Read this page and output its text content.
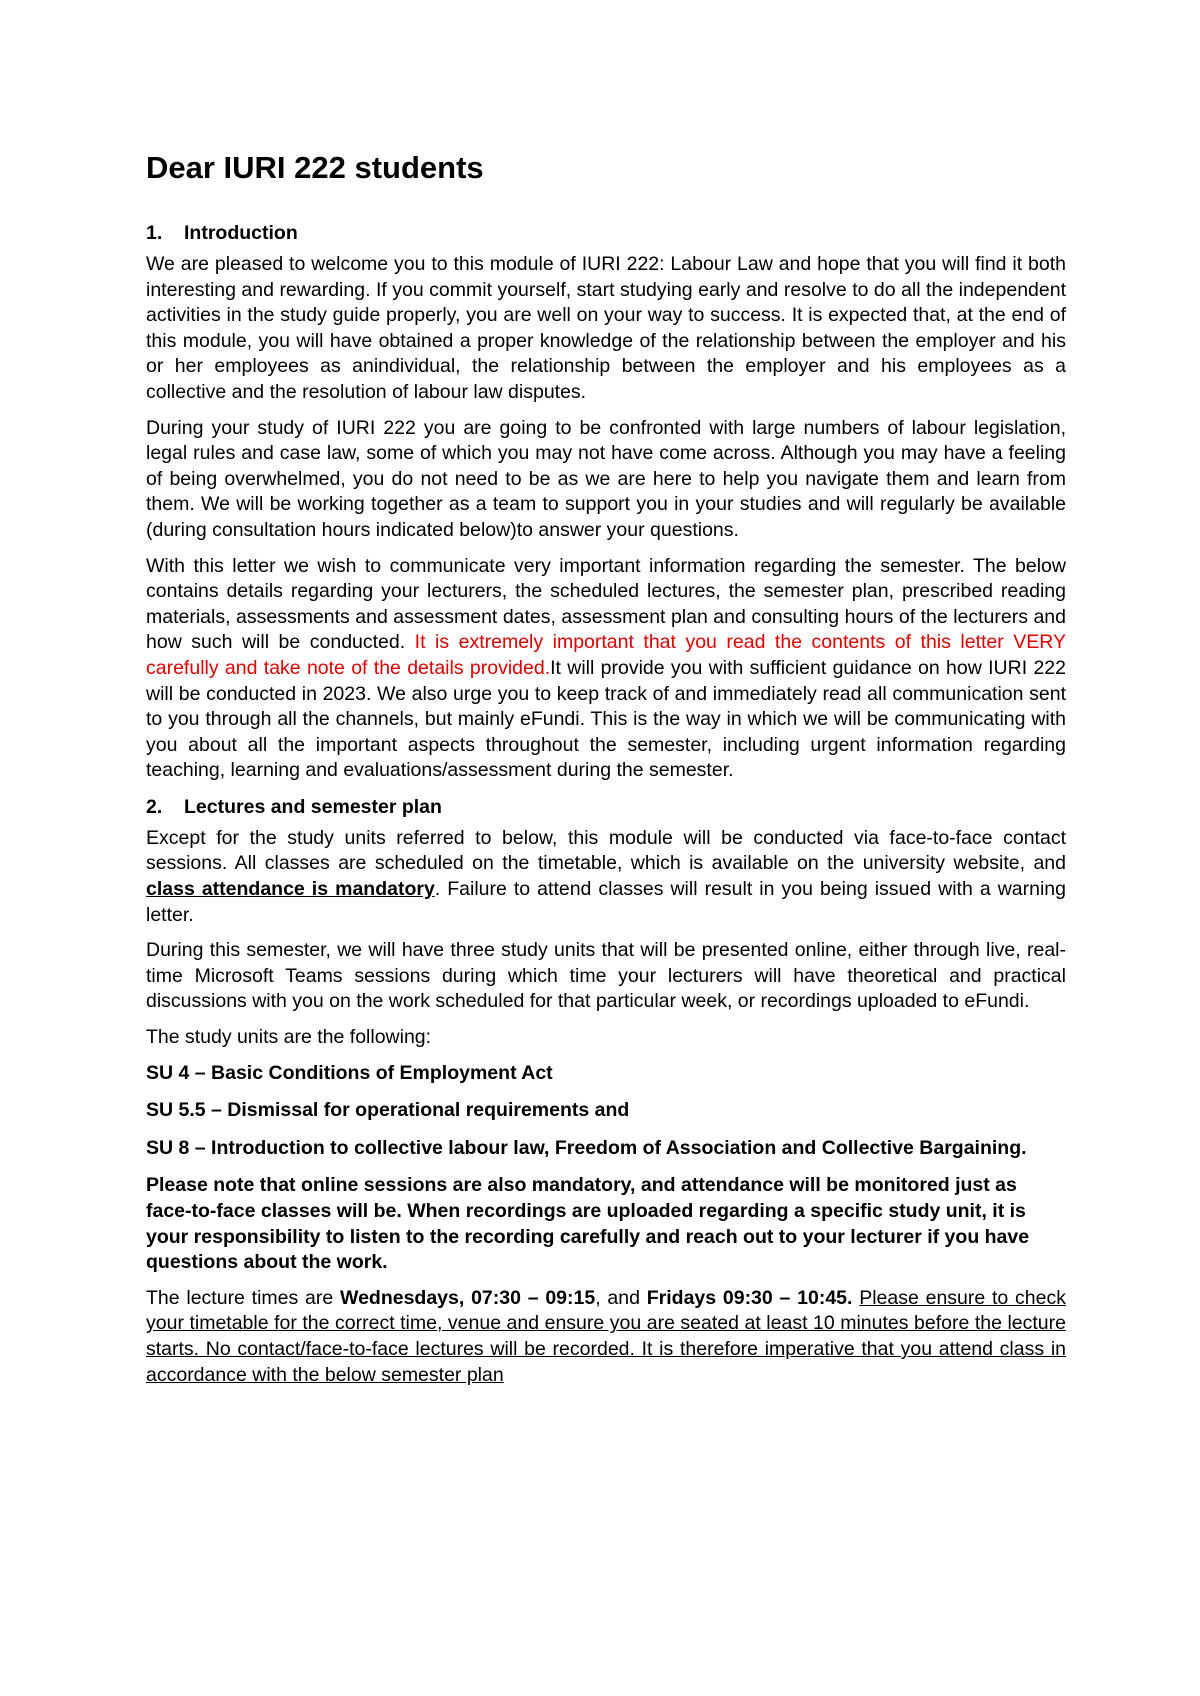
Dear IURI 222 students
1. Introduction

We are pleased to welcome you to this module of IURI 222: Labour Law and hope that you will find it both interesting and rewarding. If you commit yourself, start studying early and resolve to do all the independent activities in the study guide properly, you are well on your way to success. It is expected that, at the end of this module, you will have obtained a proper knowledge of the relationship between the employer and his or her employees as anindividual, the relationship between the employer and his employees as a collective and the resolution of labour law disputes.

During your study of IURI 222 you are going to be confronted with large numbers of labour legislation, legal rules and case law, some of which you may not have come across. Although you may have a feeling of being overwhelmed, you do not need to be as we are here to help you navigate them and learn from them. We will be working together as a team to support you in your studies and will regularly be available (during consultation hours indicated below)to answer your questions.

With this letter we wish to communicate very important information regarding the semester. The below contains details regarding your lecturers, the scheduled lectures, the semester plan, prescribed reading materials, assessments and assessment dates, assessment plan and consulting hours of the lecturers and how such will be conducted. It is extremely important that you read the contents of this letter VERY carefully and take note of the details provided.It will provide you with sufficient guidance on how IURI 222 will be conducted in 2023. We also urge you to keep track of and immediately read all communication sent to you through all the channels, but mainly eFundi. This is the way in which we will be communicating with you about all the important aspects throughout the semester, including urgent information regarding teaching, learning and evaluations/assessment during the semester.

2. Lectures and semester plan

Except for the study units referred to below, this module will be conducted via face-to-face contact sessions. All classes are scheduled on the timetable, which is available on the university website, and class attendance is mandatory. Failure to attend classes will result in you being issued with a warning letter.

During this semester, we will have three study units that will be presented online, either through live, real-time Microsoft Teams sessions during which time your lecturers will have theoretical and practical discussions with you on the work scheduled for that particular week, or recordings uploaded to eFundi.

The study units are the following:

SU 4 – Basic Conditions of Employment Act

SU 5.5 – Dismissal for operational requirements and

SU 8 – Introduction to collective labour law, Freedom of Association and Collective Bargaining.

Please note that online sessions are also mandatory, and attendance will be monitored just as face-to-face classes will be. When recordings are uploaded regarding a specific study unit, it is your responsibility to listen to the recording carefully and reach out to your lecturer if you have questions about the work.

The lecture times are Wednesdays, 07:30 – 09:15, and Fridays 09:30 – 10:45. Please ensure to check your timetable for the correct time, venue and ensure you are seated at least 10 minutes before the lecture starts. No contact/face-to-face lectures will be recorded. It is therefore imperative that you attend class in accordance with the below semester plan
